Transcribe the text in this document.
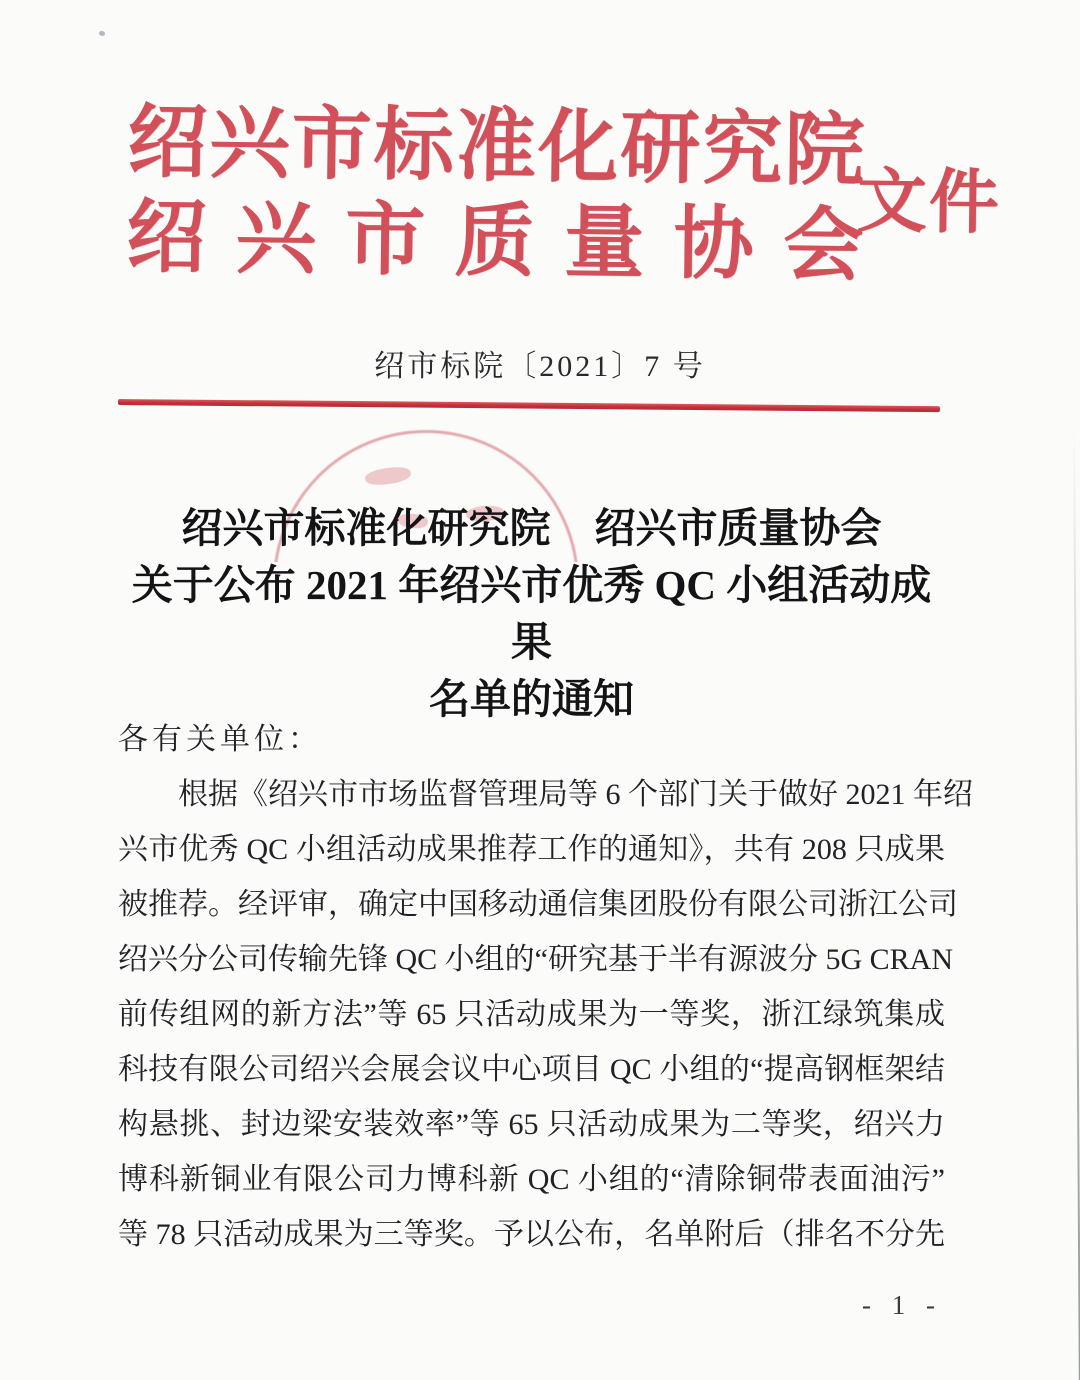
绍 兴 市 标 准 化 研 究 院
绍 兴 市 质 量 协 会
文件
绍市标院〔2021〕7 号
绍兴市标准化研究院 绍兴市质量协会
关于公布 2021 年绍兴市优秀 QC 小组活动成果
名单的通知
各有关单位：
根据《绍兴市市场监督管理局等 6 个部门关于做好 2021 年绍
兴市优秀 QC 小组活动成果推荐工作的通知》，共有 208 只成果
被推荐。经评审，确定中国移动通信集团股份有限公司浙江公司
绍兴分公司传输先锋 QC 小组的“研究基于半有源波分 5G CRAN
前传组网的新方法”等 65 只活动成果为一等奖，浙江绿筑集成
科技有限公司绍兴会展会议中心项目 QC 小组的“提高钢框架结
构悬挑、封边梁安装效率”等 65 只活动成果为二等奖，绍兴力
博科新铜业有限公司力博科新 QC 小组的“清除铜带表面油污”
等 78 只活动成果为三等奖。予以公布，名单附后（排名不分先
- 1 -
